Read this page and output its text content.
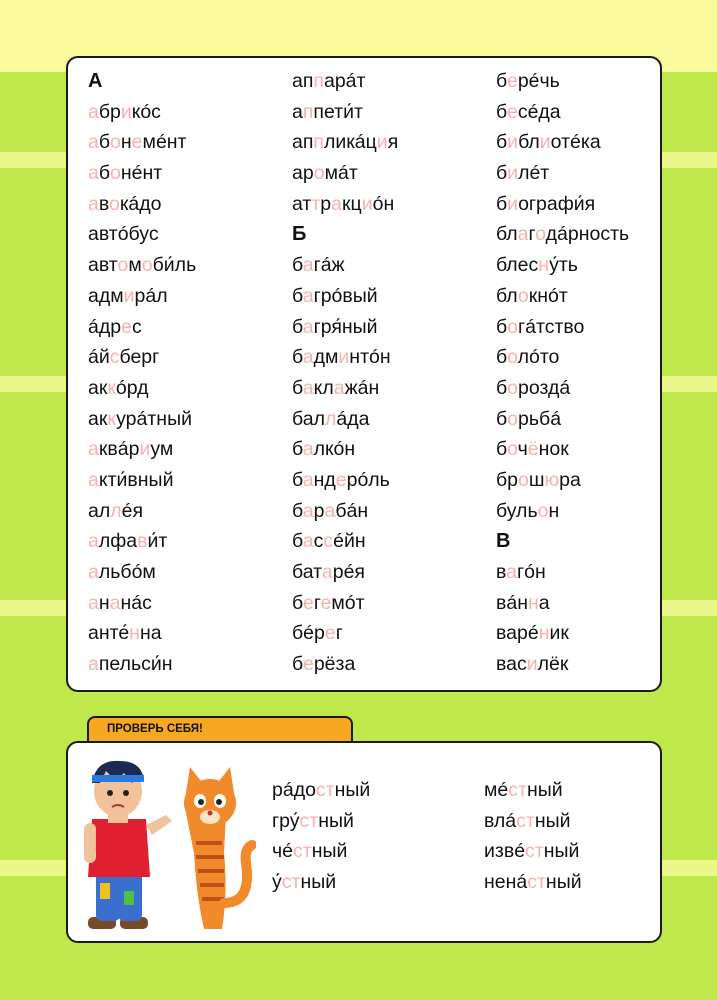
А
абрикóс
абонемéнт
абонéнт
авокáдо
автóбус
автомоби́ль
адмирáл
áдрес
áйсберг
аккóрд
аккурáтный
аквáриум
акти́вный
аллéя
алфави́т
альбóм
ананáс
анте́нна
апельси́н
аппарáт
аппети́т
аппликáция
аромáт
аттракциóн
Б
багáж
багрóвый
багря́ный
бадминтóн
баклажáн
баллáда
балкóн
бандерóль
барабáн
бассéйн
батарéя
бегемóт
бéрег
берёза
берéчь
бесéда
библиотéка
билéт
биографи́я
благодáрность
блесну́ть
блокнóт
богáтство
болóто
бороздá
борьбá
бочёнок
брошюра
бульон
В
вагóн
вáнна
варéник
василёк
ПРОВЕРЬ СЕБЯ!
рáдостный
гру́стный
чéстный
у́стный
мéстный
влáстный
извéстный
ненáстный
